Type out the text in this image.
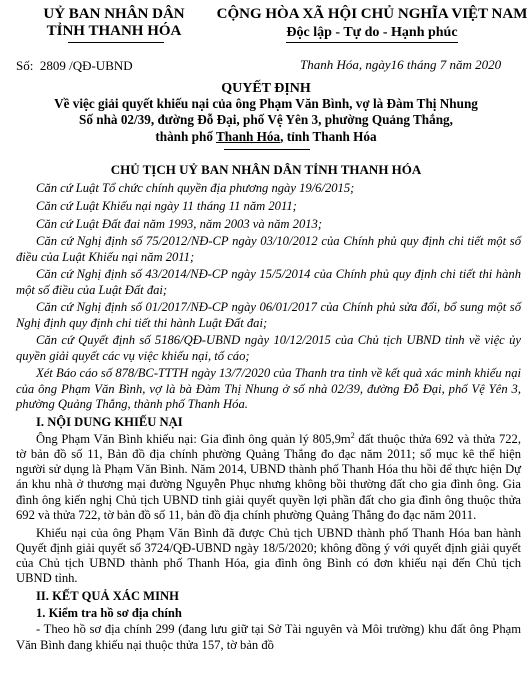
UỶ BAN NHÂN DÂN
TỈNH THANH HÓA
CỘNG HÒA XÃ HỘI CHỦ NGHĨA VIỆT NAM
Độc lập - Tự do - Hạnh phúc
Số: 2809 /QĐ-UBND	Thanh Hóa, ngày16 tháng 7 năm 2020
QUYẾT ĐỊNH
Về việc giải quyết khiếu nại của ông Phạm Văn Bình, vợ là Đàm Thị Nhung
Số nhà 02/39, đường Đỗ Đại, phố Vệ Yên 3, phường Quảng Thắng,
thành phố Thanh Hóa, tỉnh Thanh Hóa
CHỦ TỊCH UỶ BAN NHÂN DÂN TỈNH THANH HÓA

Căn cứ Luật Tổ chức chính quyền địa phương ngày 19/6/2015;

Căn cứ Luật Khiếu nại ngày 11 tháng 11 năm 2011;

Căn cứ Luật Đất đai năm 1993, năm 2003 và năm 2013;

Căn cứ Nghị định số 75/2012/NĐ-CP ngày 03/10/2012 của Chính phủ quy định chi tiết một số điều của Luật Khiếu nại năm 2011;

Căn cứ Nghị định số 43/2014/NĐ-CP ngày 15/5/2014 của Chính phủ quy định chi tiết thi hành một số điều của Luật Đất đai;

Căn cứ Nghị định số 01/2017/NĐ-CP ngày 06/01/2017 của Chính phủ sửa đổi, bổ sung một số Nghị định quy định chi tiết thi hành Luật Đất đai;

Căn cứ Quyết định số 5186/QĐ-UBND ngày 10/12/2015 của Chủ tịch UBND tỉnh về việc ủy quyền giải quyết các vụ việc khiếu nại, tố cáo;

Xét Báo cáo số 878/BC-TTTH ngày 13/7/2020 của Thanh tra tỉnh về kết quả xác minh khiếu nại của ông Phạm Văn Bình, vợ là bà Đàm Thị Nhung ở số nhà 02/39, đường Đỗ Đại, phố Vệ Yên 3, phường Quảng Thắng, thành phố Thanh Hóa.

I. NỘI DUNG KHIẾU NẠI

Ông Phạm Văn Bình khiếu nại: Gia đình ông quản lý $805,9m^2$ đất thuộc thửa 692 và thửa 722, tờ bản đồ số 11, Bản đồ địa chính phường Quảng Thắng đo đạc năm 2011; sổ mục kê thể hiện người sử dụng là Phạm Văn Bình. Năm 2014, UBND thành phố Thanh Hóa thu hồi để thực hiện Dự án khu nhà ở thương mại đường Nguyễn Phục nhưng không bồi thường đất cho gia đình ông. Gia đình ông kiến nghị Chủ tịch UBND tỉnh giải quyết quyền lợi phần đất cho gia đình ông thuộc thửa 692 và thửa 722, tờ bản đồ số 11, bản đồ địa chính phường Quảng Thắng đo đạc năm 2011.

Khiếu nại của ông Phạm Văn Bình đã được Chủ tịch UBND thành phố Thanh Hóa ban hành Quyết định giải quyết số 3724/QĐ-UBND ngày 18/5/2020; không đồng ý với quyết định giải quyết của Chủ tịch UBND thành phố Thanh Hóa, gia đình ông Bình có đơn khiếu nại đến Chủ tịch UBND tỉnh.

II. KẾT QUẢ XÁC MINH
1. Kiểm tra hồ sơ địa chính

- Theo hồ sơ địa chính 299 (đang lưu giữ tại Sở Tài nguyên và Môi trường) khu đất ông Phạm Văn Bình đang khiếu nại thuộc thửa 157, tờ bản đồ
